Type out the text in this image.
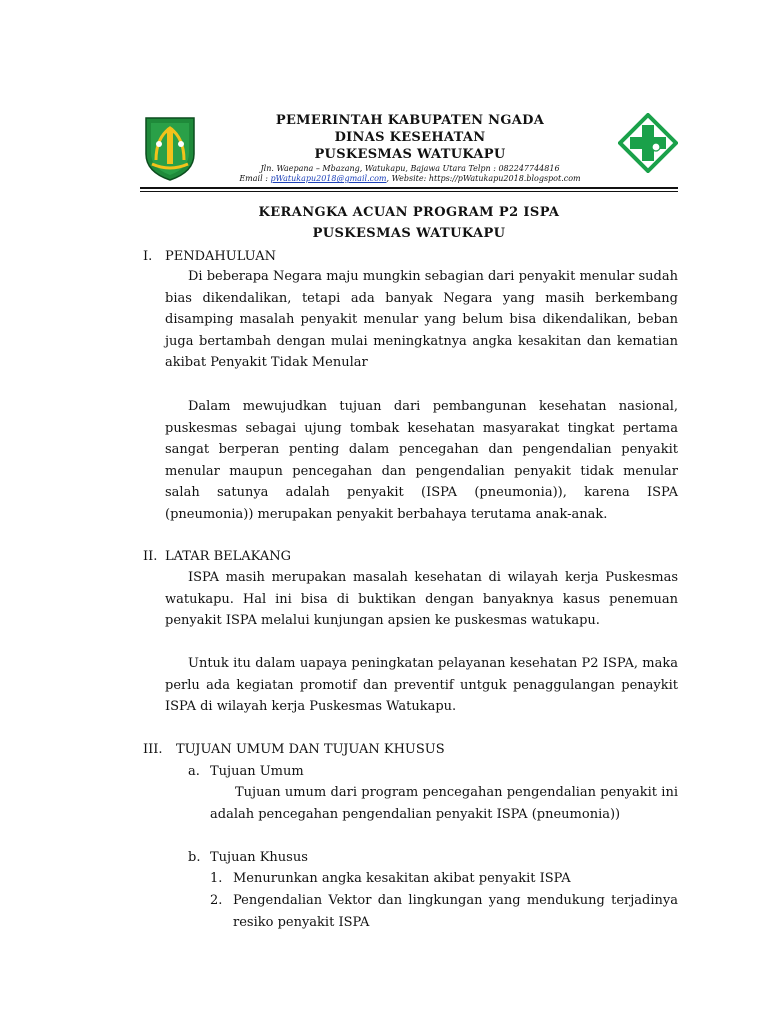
PEMERINTAH KABUPATEN NGADA
DINAS KESEHATAN
PUSKESMAS WATUKAPU
Jln. Waepana – Mbazang, Watukapu, Bajawa Utara Telpn : 082247744816
Email : pWatukapu2018@gmail.com, Website: https://pWatukapu2018.blogspot.com
KERANGKA ACUAN PROGRAM P2 ISPA
PUSKESMAS WATUKAPU
I. PENDAHULUAN
Di beberapa Negara maju mungkin sebagian dari penyakit menular sudah bias dikendalikan, tetapi ada banyak Negara yang masih berkembang disamping masalah penyakit menular yang belum bisa dikendalikan, beban juga bertambah dengan mulai meningkatnya angka kesakitan dan kematian akibat Penyakit Tidak Menular
Dalam mewujudkan tujuan dari pembangunan kesehatan nasional, puskesmas sebagai ujung tombak kesehatan masyarakat tingkat pertama sangat berperan penting dalam pencegahan dan pengendalian penyakit menular maupun pencegahan dan pengendalian penyakit tidak menular salah satunya adalah penyakit (ISPA (pneumonia)), karena ISPA (pneumonia)) merupakan penyakit berbahaya terutama anak-anak.
II. LATAR BELAKANG
ISPA masih merupakan masalah kesehatan di wilayah kerja Puskesmas watukapu. Hal ini bisa di buktikan dengan banyaknya kasus penemuan penyakit ISPA melalui kunjungan apsien ke puskesmas watukapu.
Untuk itu dalam uapaya peningkatan pelayanan kesehatan P2 ISPA, maka perlu ada kegiatan promotif dan preventif untguk penaggulangan penaykit ISPA di wilayah kerja Puskesmas Watukapu.
III. TUJUAN UMUM DAN TUJUAN KHUSUS
a. Tujuan Umum
Tujuan umum dari program pencegahan pengendalian penyakit ini adalah pencegahan pengendalian penyakit ISPA (pneumonia))
b. Tujuan Khusus
1. Menurunkan angka kesakitan akibat penyakit ISPA
2. Pengendalian Vektor dan lingkungan yang mendukung terjadinya resiko penyakit ISPA
